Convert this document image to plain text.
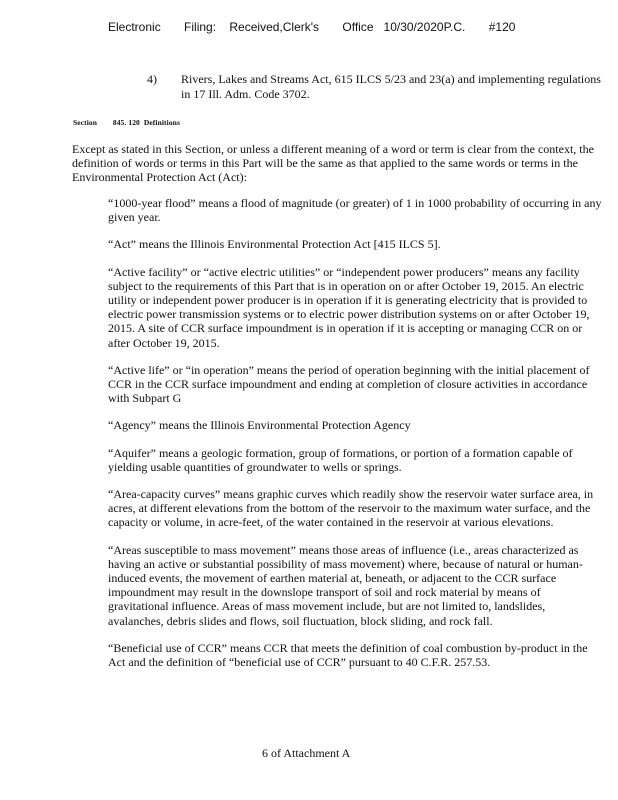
Electronic Filing: Received,Clerk's Office 10/30/2020P.C. #120
4) Rivers, Lakes and Streams Act, 615 ILCS 5/23 and 23(a) and implementing regulations in 17 Ill. Adm. Code 3702.
Section 845. 120 Definitions
Except as stated in this Section, or unless a different meaning of a word or term is clear from the context, the definition of words or terms in this Part will be the same as that applied to the same words or terms in the Environmental Protection Act (Act):

“1000-year flood” means a flood of magnitude (or greater) of 1 in 1000 probability of occurring in any given year.

“Act” means the Illinois Environmental Protection Act [415 ILCS 5].

“Active facility” or “active electric utilities” or “independent power producers” means any facility subject to the requirements of this Part that is in operation on or after October 19, 2015. An electric utility or independent power producer is in operation if it is generating electricity that is provided to electric power transmission systems or to electric power distribution systems on or after October 19, 2015. A site of CCR surface impoundment is in operation if it is accepting or managing CCR on or after October 19, 2015.

“Active life” or “in operation” means the period of operation beginning with the initial placement of CCR in the CCR surface impoundment and ending at completion of closure activities in accordance with Subpart G

“Agency” means the Illinois Environmental Protection Agency

“Aquifer” means a geologic formation, group of formations, or portion of a formation capable of yielding usable quantities of groundwater to wells or springs.

“Area-capacity curves” means graphic curves which readily show the reservoir water surface area, in acres, at different elevations from the bottom of the reservoir to the maximum water surface, and the capacity or volume, in acre-feet, of the water contained in the reservoir at various elevations.

“Areas susceptible to mass movement” means those areas of influence (i.e., areas characterized as having an active or substantial possibility of mass movement) where, because of natural or human-induced events, the movement of earthen material at, beneath, or adjacent to the CCR surface impoundment may result in the downslope transport of soil and rock material by means of gravitational influence. Areas of mass movement include, but are not limited to, landslides, avalanches, debris slides and flows, soil fluctuation, block sliding, and rock fall.

“Beneficial use of CCR” means CCR that meets the definition of coal combustion by-product in the Act and the definition of “beneficial use of CCR” pursuant to 40 C.F.R. 257.53.

6 of Attachment A
